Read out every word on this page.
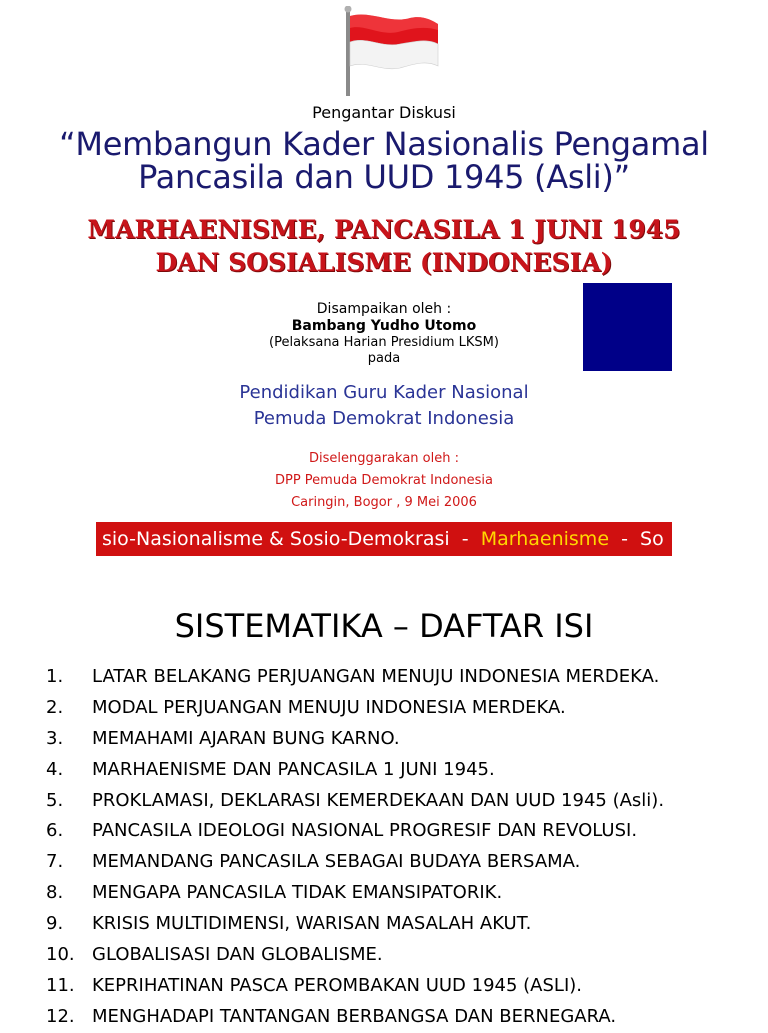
Pengantar Diskusi
“Membangun Kader Nasionalis Pengamal
Pancasila dan UUD 1945 (Asli)”
MARHAENISME, PANCASILA 1 JUNI 1945
DAN SOSIALISME (INDONESIA)
Disampaikan oleh :
Bambang Yudho Utomo
(Pelaksana Harian Presidium LKSM)
pada
Pendidikan Guru Kader Nasional
Pemuda Demokrat Indonesia
Diselenggarakan oleh :
DPP Pemuda Demokrat Indonesia
Caringin, Bogor , 9 Mei 2006
sio-Nasionalisme & Sosio-Demokrasi  -  Marhaenisme  -  So
SISTEMATIKA – DAFTAR ISI
1.	LATAR BELAKANG PERJUANGAN MENUJU INDONESIA MERDEKA.
2.	MODAL PERJUANGAN MENUJU INDONESIA MERDEKA.
3.	MEMAHAMI AJARAN BUNG KARNO.
4.	MARHAENISME DAN PANCASILA 1 JUNI 1945.
5.	PROKLAMASI, DEKLARASI KEMERDEKAAN DAN UUD 1945 (Asli).
6.	PANCASILA IDEOLOGI NASIONAL PROGRESIF DAN REVOLUSI.
7.	MEMANDANG PANCASILA SEBAGAI BUDAYA BERSAMA.
8.	MENGAPA PANCASILA TIDAK EMANSIPATORIK.
9.	KRISIS MULTIDIMENSI, WARISAN MASALAH AKUT.
10. GLOBALISASI DAN GLOBALISME.
11. KEPRIHATINAN PASCA PEROMBAKAN UUD 1945 (ASLI).
12. MENGHADAPI TANTANGAN BERBANGSA DAN BERNEGARA.
